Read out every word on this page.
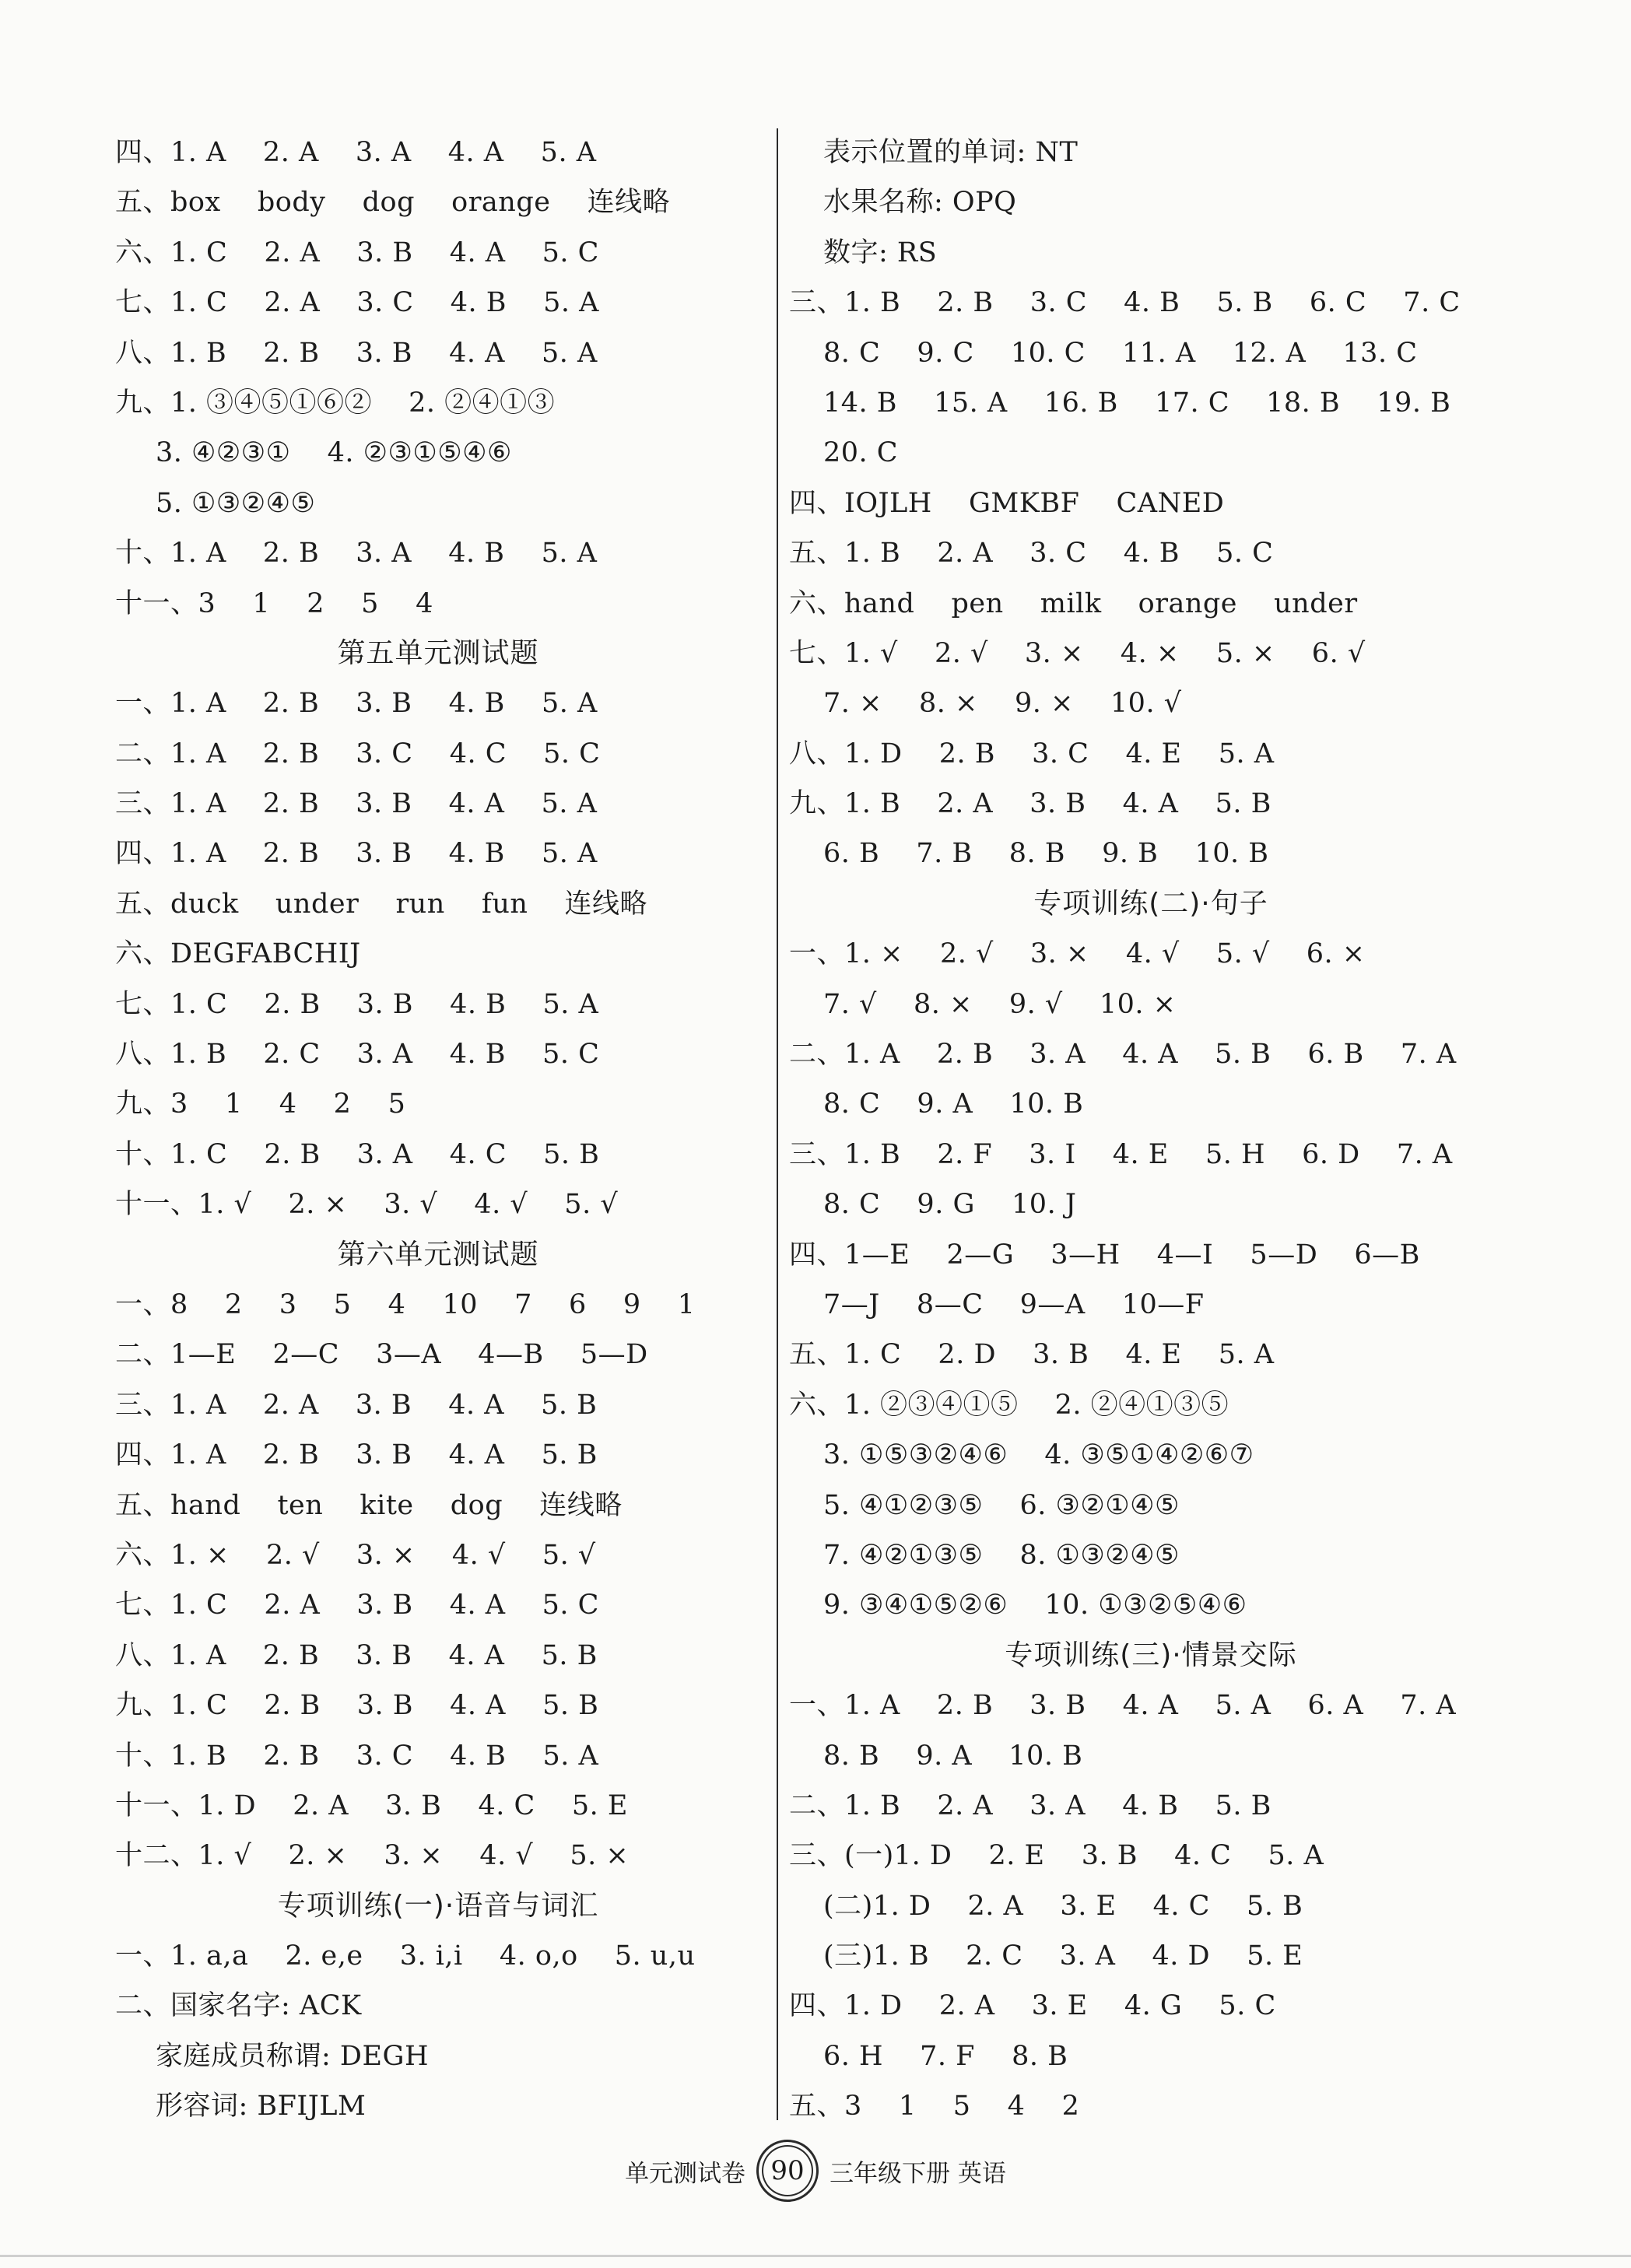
四、1. A　 2. A　 3. A　 4. A　 5. A
五、box　 body　 dog　 orange　 连线略
六、1. C　 2. A　 3. B　 4. A　 5. C
七、1. C　 2. A　 3. C　 4. B　 5. A
八、1. B　 2. B　 3. B　 4. A　 5. A
九、1. ③④⑤①⑥②　 2. ②④①③
3. ④②③①　 4. ②③①⑤④⑥
5. ①③②④⑤
十、1. A　 2. B　 3. A　 4. B　 5. A
十一、3　 1　 2　 5　 4
第五单元测试题
一、1. A　 2. B　 3. B　 4. B　 5. A
二、1. A　 2. B　 3. C　 4. C　 5. C
三、1. A　 2. B　 3. B　 4. A　 5. A
四、1. A　 2. B　 3. B　 4. B　 5. A
五、duck　 under　 run　 fun　 连线略
六、DEGFABCHIJ
七、1. C　 2. B　 3. B　 4. B　 5. A
八、1. B　 2. C　 3. A　 4. B　 5. C
九、3　 1　 4　 2　 5
十、1. C　 2. B　 3. A　 4. C　 5. B
十一、1. √　 2. ×　 3. √　 4. √　 5. √
第六单元测试题
一、8　 2　 3　 5　 4　 10　 7　 6　 9　 1
二、1—E　 2—C　 3—A　 4—B　 5—D
三、1. A　 2. A　 3. B　 4. A　 5. B
四、1. A　 2. B　 3. B　 4. A　 5. B
五、hand　 ten　 kite　 dog　 连线略
六、1. ×　 2. √　 3. ×　 4. √　 5. √
七、1. C　 2. A　 3. B　 4. A　 5. C
八、1. A　 2. B　 3. B　 4. A　 5. B
九、1. C　 2. B　 3. B　 4. A　 5. B
十、1. B　 2. B　 3. C　 4. B　 5. A
十一、1. D　 2. A　 3. B　 4. C　 5. E
十二、1. √　 2. ×　 3. ×　 4. √　 5. ×
专项训练(一)·语音与词汇
一、1. a,a　 2. e,e　 3. i,i　 4. o,o　 5. u,u
二、国家名字: ACK
家庭成员称谓: DEGH
形容词: BFIJLM
表示位置的单词: NT
水果名称: OPQ
数字: RS
三、1. B　 2. B　 3. C　 4. B　 5. B　 6. C　 7. C
8. C　 9. C　 10. C　 11. A　 12. A　 13. C
14. B　 15. A　 16. B　 17. C　 18. B　 19. B
20. C
四、IOJLH　 GMKBF　 CANED
五、1. B　 2. A　 3. C　 4. B　 5. C
六、hand　 pen　 milk　 orange　 under
七、1. √　 2. √　 3. ×　 4. ×　 5. ×　 6. √
7. ×　 8. ×　 9. ×　 10. √
八、1. D　 2. B　 3. C　 4. E　 5. A
九、1. B　 2. A　 3. B　 4. A　 5. B
6. B　 7. B　 8. B　 9. B　 10. B
专项训练(二)·句子
一、1. ×　 2. √　 3. ×　 4. √　 5. √　 6. ×
7. √　 8. ×　 9. √　 10. ×
二、1. A　 2. B　 3. A　 4. A　 5. B　 6. B　 7. A
8. C　 9. A　 10. B
三、1. B　 2. F　 3. I　 4. E　 5. H　 6. D　 7. A
8. C　 9. G　 10. J
四、1—E　 2—G　 3—H　 4—I　 5—D　 6—B
7—J　 8—C　 9—A　 10—F
五、1. C　 2. D　 3. B　 4. E　 5. A
六、1. ②③④①⑤　 2. ②④①③⑤
3. ①⑤③②④⑥　 4. ③⑤①④②⑥⑦
5. ④①②③⑤　 6. ③②①④⑤
7. ④②①③⑤　 8. ①③②④⑤
9. ③④①⑤②⑥　 10. ①③②⑤④⑥
专项训练(三)·情景交际
一、1. A　 2. B　 3. B　 4. A　 5. A　 6. A　 7. A
8. B　 9. A　 10. B
二、1. B　 2. A　 3. A　 4. B　 5. B
三、(一)1. D　 2. E　 3. B　 4. C　 5. A
(二)1. D　 2. A　 3. E　 4. C　 5. B
(三)1. B　 2. C　 3. A　 4. D　 5. E
四、1. D　 2. A　 3. E　 4. G　 5. C
6. H　 7. F　 8. B
五、3　 1　 5　 4　 2
单元测试卷 90	三年级下册 英语
